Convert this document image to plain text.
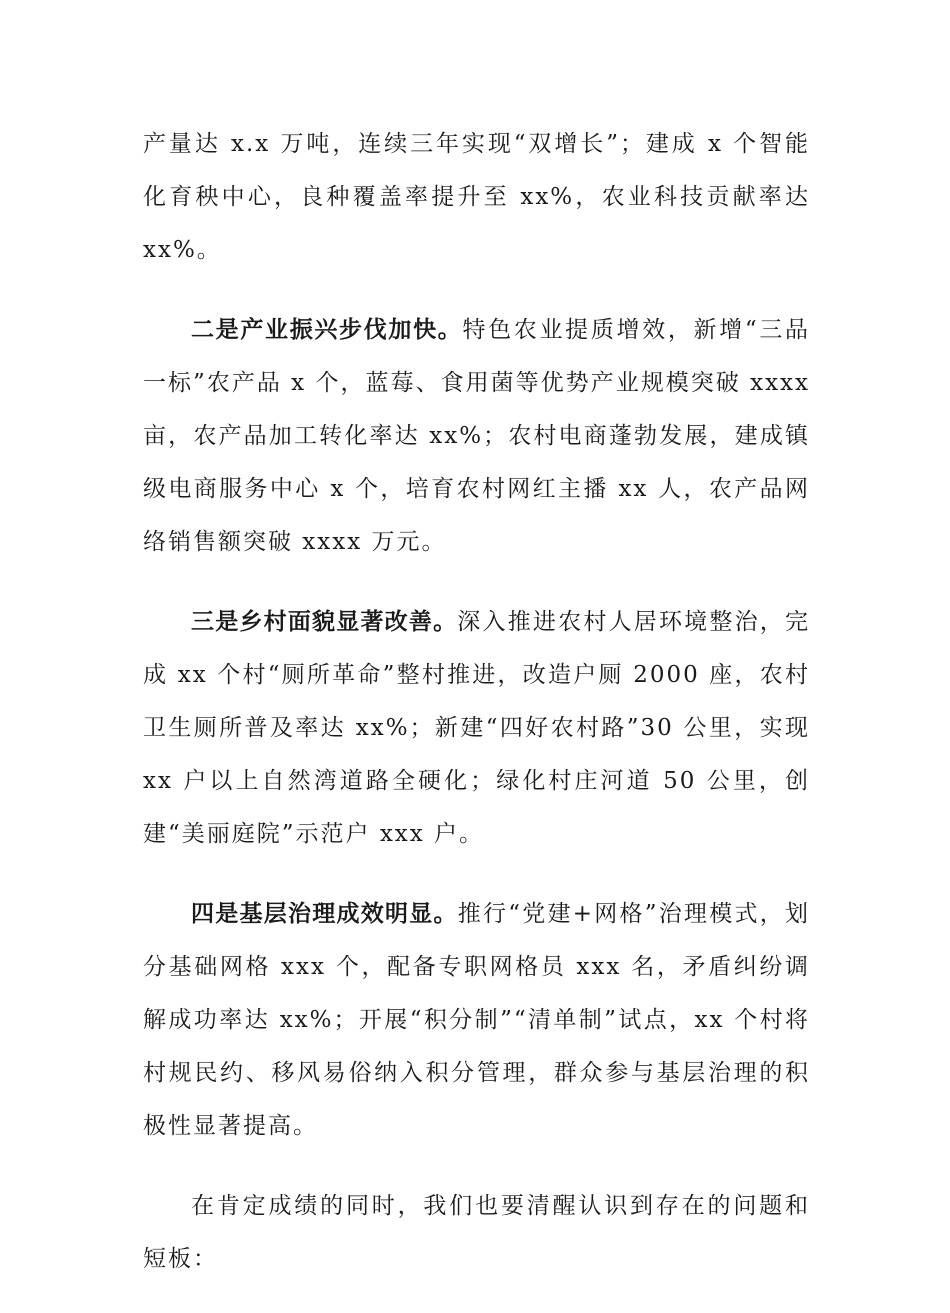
产量达 x.x 万吨，连续三年实现“双增长”；建成 x 个智能化育秧中心，良种覆盖率提升至 xx%，农业科技贡献率达 xx%。

二是产业振兴步伐加快。特色农业提质增效，新增“三品一标”农产品 x 个，蓝莓、食用菌等优势产业规模突破 xxxx 亩，农产品加工转化率达 xx%；农村电商蓬勃发展，建成镇级电商服务中心 x 个，培育农村网红主播 xx 人，农产品网络销售额突破 xxxx 万元。

三是乡村面貌显著改善。深入推进农村人居环境整治，完成 xx 个村“厕所革命”整村推进，改造户厕 2000 座，农村卫生厕所普及率达 xx%；新建“四好农村路”30 公里，实现 xx 户以上自然湾道路全硬化；绿化村庄河道 50 公里，创建“美丽庭院”示范户 xxx 户。

四是基层治理成效明显。推行“党建+网格”治理模式，划分基础网格 xxx 个，配备专职网格员 xxx 名，矛盾纠纷调解成功率达 xx%；开展“积分制”“清单制”试点，xx 个村将村规民约、移风易俗纳入积分管理，群众参与基层治理的积极性显著提高。

在肯定成绩的同时，我们也要清醒认识到存在的问题和短板：
